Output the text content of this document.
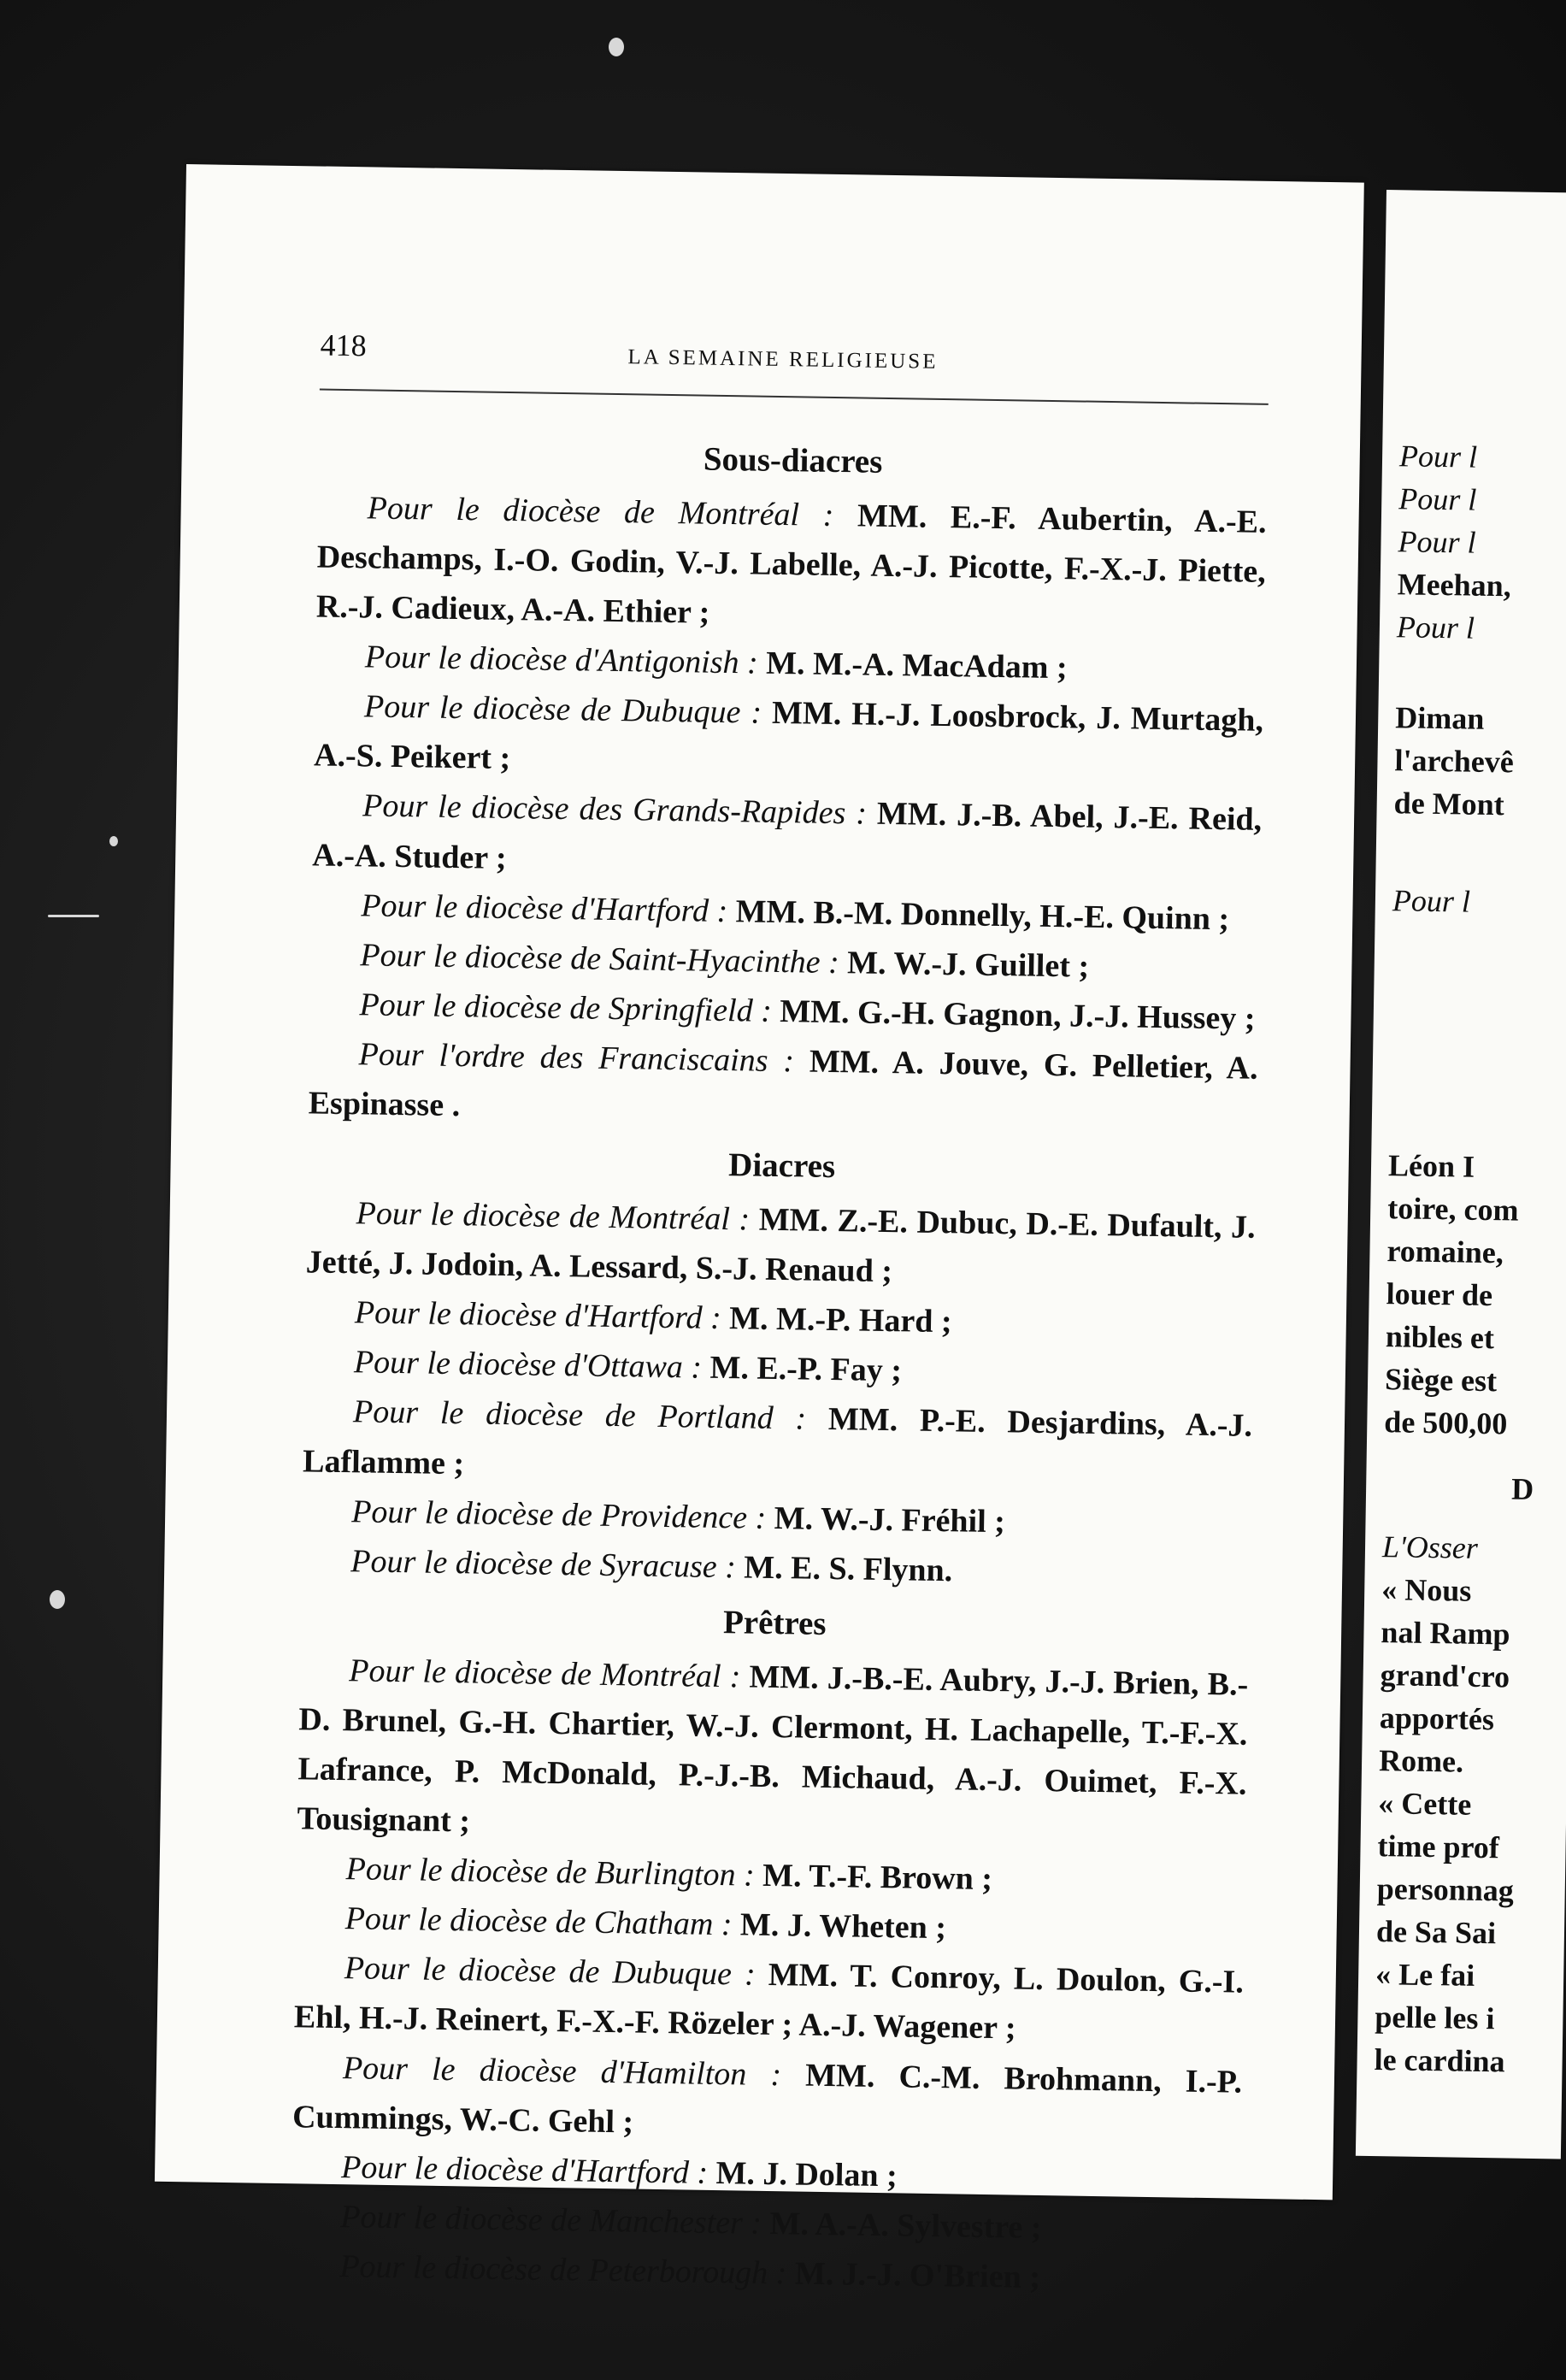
418	LA SEMAINE RELIGIEUSE
Sous-diacres

Pour le diocèse de Montréal : MM. E.-F. Aubertin, A.-E. Deschamps, I.-O. Godin, V.-J. Labelle, A.-J. Picotte, F.-X.-J. Piette, R.-J. Cadieux, A.-A. Ethier ;

Pour le diocèse d'Antigonish : M. M.-A. MacAdam ;

Pour le diocèse de Dubuque : MM. H.-J. Loosbrock, J. Murtagh, A.-S. Peikert ;

Pour le diocèse des Grands-Rapides : MM. J.-B. Abel, J.-E. Reid, A.-A. Studer ;

Pour le diocèse d'Hartford : MM. B.-M. Donnelly, H.-E. Quinn ;

Pour le diocèse de Saint-Hyacinthe : M. W.-J. Guillet ;

Pour le diocèse de Springfield : MM. G.-H. Gagnon, J.-J. Hussey ;

Pour l'ordre des Franciscains : MM. A. Jouve, G. Pelletier, A. Espinasse .

Diacres

Pour le diocèse de Montréal : MM. Z.-E. Dubuc, D.-E. Dufault, J. Jetté, J. Jodoin, A. Lessard, S.-J. Renaud ;

Pour le diocèse d'Hartford : M. M.-P. Hard ;

Pour le diocèse d'Ottawa : M. E.-P. Fay ;

Pour le diocèse de Portland : MM. P.-E. Desjardins, A.-J. Laflamme ;

Pour le diocèse de Providence : M. W.-J. Fréhil ;

Pour le diocèse de Syracuse : M. E. S. Flynn.

Prêtres

Pour le diocèse de Montréal : MM. J.-B.-E. Aubry, J.-J. Brien, B.-D. Brunel, G.-H. Chartier, W.-J. Clermont, H. Lachapelle, T.-F.-X. Lafrance, P. McDonald, P.-J.-B. Michaud, A.-J. Ouimet, F.-X. Tousignant ;

Pour le diocèse de Burlington : M. T.-F. Brown ;

Pour le diocèse de Chatham : M. J. Wheten ;

Pour le diocèse de Dubuque : MM. T. Conroy, L. Doulon, G.-I. Ehl, H.-J. Reinert, F.-X.-F. Rözeler ; A.-J. Wagener ;

Pour le diocèse d'Hamilton : MM. C.-M. Brohmann, I.-P. Cummings, W.-C. Gehl ;

Pour le diocèse d'Hartford : M. J. Dolan ;

Pour le diocèse de Manchester : M. A.-A. Sylvestre ;

Pour le diocèse de Peterborough : M. J.-J. O'Brien ;

Pour l
Pour l
Pour l
Meehan,
Pour l
Diman
l'archevê
de Mont
Pour l
Léon I
toire, com
romaine,
louer de
nibles et
Siège est
de 500,00
D
L'Osser
« Nous
nal Ramp
grand'cro
apportés
Rome.
« Cette
time prof
personnag
de Sa Sai
« Le fai
pelle les i
le cardina
